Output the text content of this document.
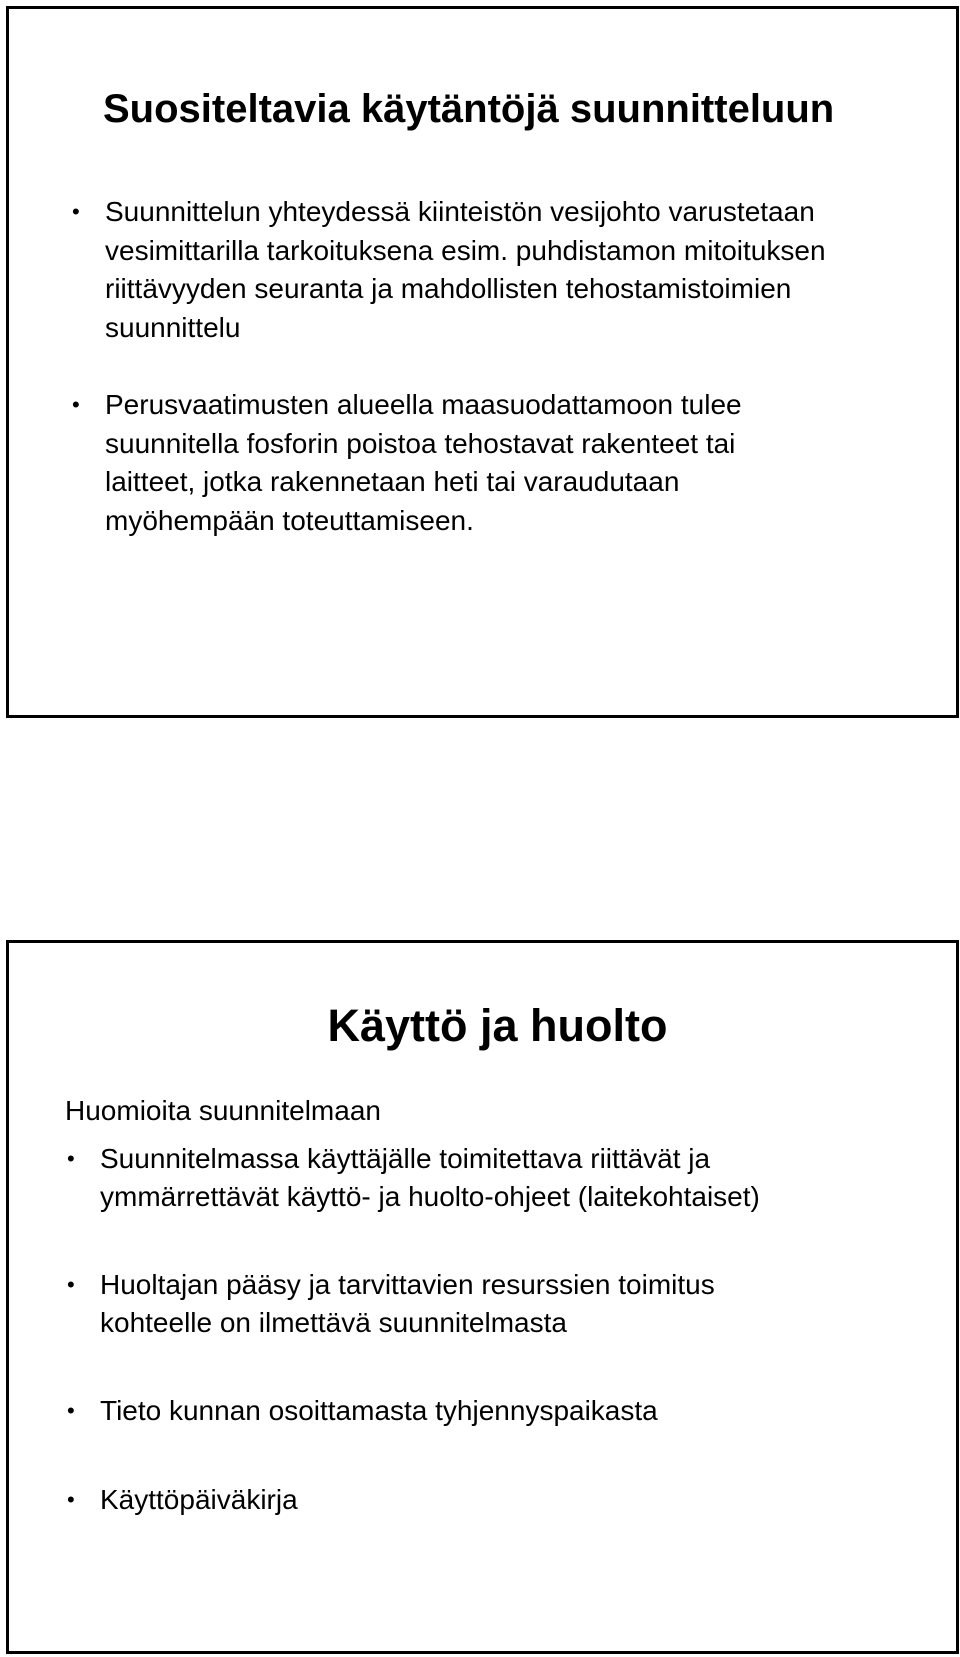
Suositeltavia käytäntöjä suunnitteluun
• Suunnittelun yhteydessä kiinteistön vesijohto varustetaan vesimittarilla tarkoituksena esim. puhdistamon mitoituksen riittävyyden seuranta ja mahdollisten tehostamistoimien suunnittelu
• Perusvaatimusten alueella maasuodattamoon tulee suunnitella fosforin poistoa tehostavat rakenteet tai laitteet, jotka rakennetaan heti tai varaudutaan myöhempään toteuttamiseen.
Käyttö ja huolto

Huomioita suunnitelmaan

• Suunnitelmassa käyttäjälle toimitettava riittävät ja ymmärrettävät käyttö- ja huolto-ohjeet (laitekohtaiset)
• Huoltajan pääsy ja tarvittavien resurssien toimitus kohteelle on ilmettävä suunnitelmasta
• Tieto kunnan osoittamasta tyhjennyspaikasta
• Käyttöpäiväkirja
